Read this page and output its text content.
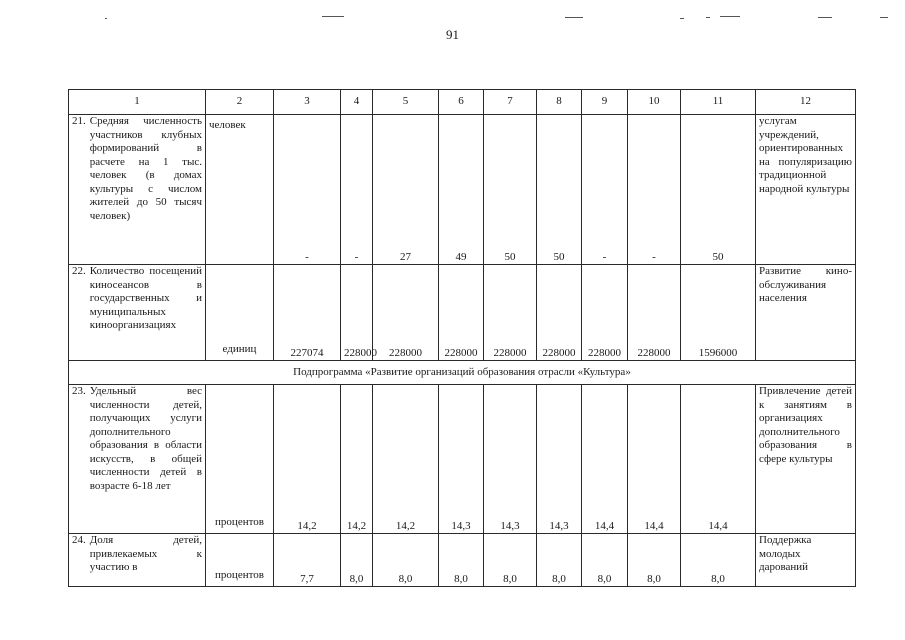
91
1	2	3	4	5	6	7	8	9	10	11	12

21. Средняя численность участников клубных формирований в расчете на 1 тыс. человек (в домах культуры с числом жителей до 50 тысяч человек)	человек	-	-	27	49	50	50	-	-	50	услугам учреждений, ориентированных на популяризацию традиционной народной культуры

22. Количество посещений киносеансов в государственных и муниципальных киноорганизациях	единиц	227074	228000	228000	228000	228000	228000	228000	228000	1596000	Развитие кино-обслуживания населения
Подпрограмма «Развитие организаций образования отрасли «Культура»											

23. Удельный вес численности детей, получающих услуги дополнительного образования в области искусств, в общей численности детей в возрасте 6-18 лет	процентов	14,2	14,2	14,2	14,3	14,3	14,3	14,4	14,4	14,4	Привлечение детей к занятиям в организациях дополнительного образования в сфере культуры

24. Доля детей, привлекаемых к участию в	процентов	7,7	8,0	8,0	8,0	8,0	8,0	8,0	8,0	8,0	Поддержка молодых дарований
